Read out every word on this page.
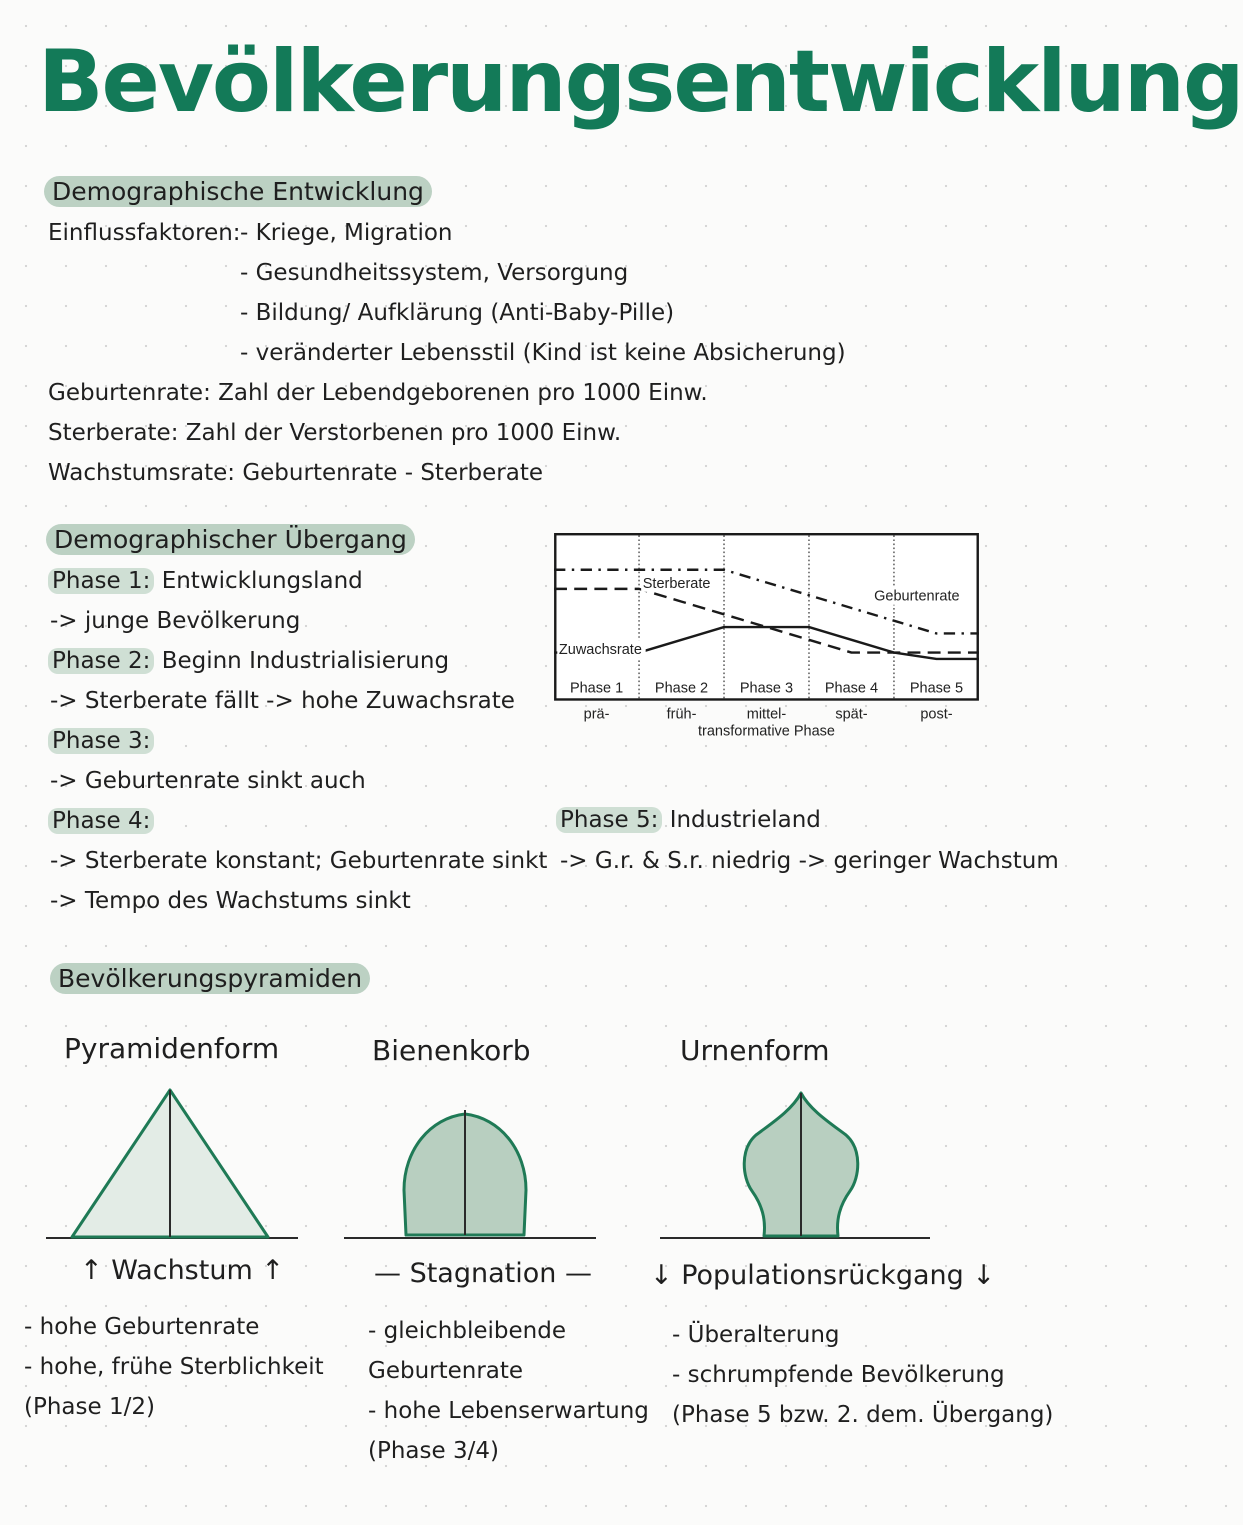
Bevölkerungsentwicklung
Demographische Entwicklung
Einflussfaktoren: - Kriege, Migration
- Gesundheitssystem, Versorgung
- Bildung/ Aufklärung (Anti-Baby-Pille)
- veränderter Lebensstil (Kind ist keine Absicherung)
Geburtenrate: Zahl der Lebendgeborenen pro 1000 Einw.
Sterberate: Zahl der Verstorbenen pro 1000 Einw.
Wachstumsrate: Geburtenrate - Sterberate
Demographischer Übergang
Phase 1: Entwicklungsland
-> junge Bevölkerung
Phase 2: Beginn Industrialisierung
-> Sterberate fällt -> hohe Zuwachsrate
Phase 3:
-> Geburtenrate sinkt auch
Phase 4:
-> Sterberate konstant; Geburtenrate sinkt
-> Tempo des Wachstums sinkt
Phase 5: Industrieland
-> G.r. & S.r. niedrig -> geringer Wachstum
Phase 1 Phase 2 Phase 3 Phase 4 Phase 5
Geburtenrate
Sterberate
Zuwachsrate
prä-	früh-	mittel-	spät-	post-
transformative Phase
Bevölkerungspyramiden
Pyramidenform	Bienenkorb	Urnenform
↑ Wachstum ↑	— Stagnation — ↓ Populationsrückgang ↓
- hohe Geburtenrate
- hohe, frühe Sterblichkeit
(Phase 1/2)
- gleichbleibende
Geburtenrate
- hohe Lebenserwartung
(Phase 3/4)
- Überalterung
- schrumpfende Bevölkerung
(Phase 5 bzw. 2. dem. Übergang)
